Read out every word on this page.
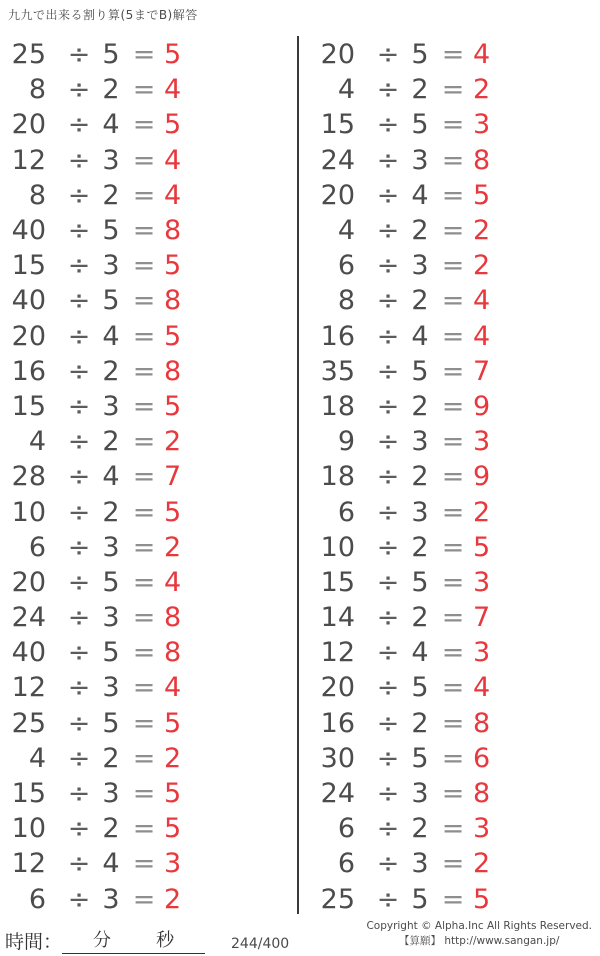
九九で出来る割り算(5までB)解答
25 ÷ 5 = 5
8 ÷ 2 = 4
20 ÷ 4 = 5
12 ÷ 3 = 4
8 ÷ 2 = 4
40 ÷ 5 = 8
15 ÷ 3 = 5
40 ÷ 5 = 8
20 ÷ 4 = 5
16 ÷ 2 = 8
15 ÷ 3 = 5
4 ÷ 2 = 2
28 ÷ 4 = 7
10 ÷ 2 = 5
6 ÷ 3 = 2
20 ÷ 5 = 4
24 ÷ 3 = 8
40 ÷ 5 = 8
12 ÷ 3 = 4
25 ÷ 5 = 5
4 ÷ 2 = 2
15 ÷ 3 = 5
10 ÷ 2 = 5
12 ÷ 4 = 3
6 ÷ 3 = 2
20 ÷ 5 = 4
4 ÷ 2 = 2
15 ÷ 5 = 3
24 ÷ 3 = 8
20 ÷ 4 = 5
4 ÷ 2 = 2
6 ÷ 3 = 2
8 ÷ 2 = 4
16 ÷ 4 = 4
35 ÷ 5 = 7
18 ÷ 2 = 9
9 ÷ 3 = 3
18 ÷ 2 = 9
6 ÷ 3 = 2
10 ÷ 2 = 5
15 ÷ 5 = 3
14 ÷ 2 = 7
12 ÷ 4 = 3
20 ÷ 5 = 4
16 ÷ 2 = 8
30 ÷ 5 = 6
24 ÷ 3 = 8
6 ÷ 2 = 3
6 ÷ 3 = 2
25 ÷ 5 = 5
時間：	分	秒	244/400
Copyright © Alpha.Inc All Rights Reserved.
【算願】 http://www.sangan.jp/
